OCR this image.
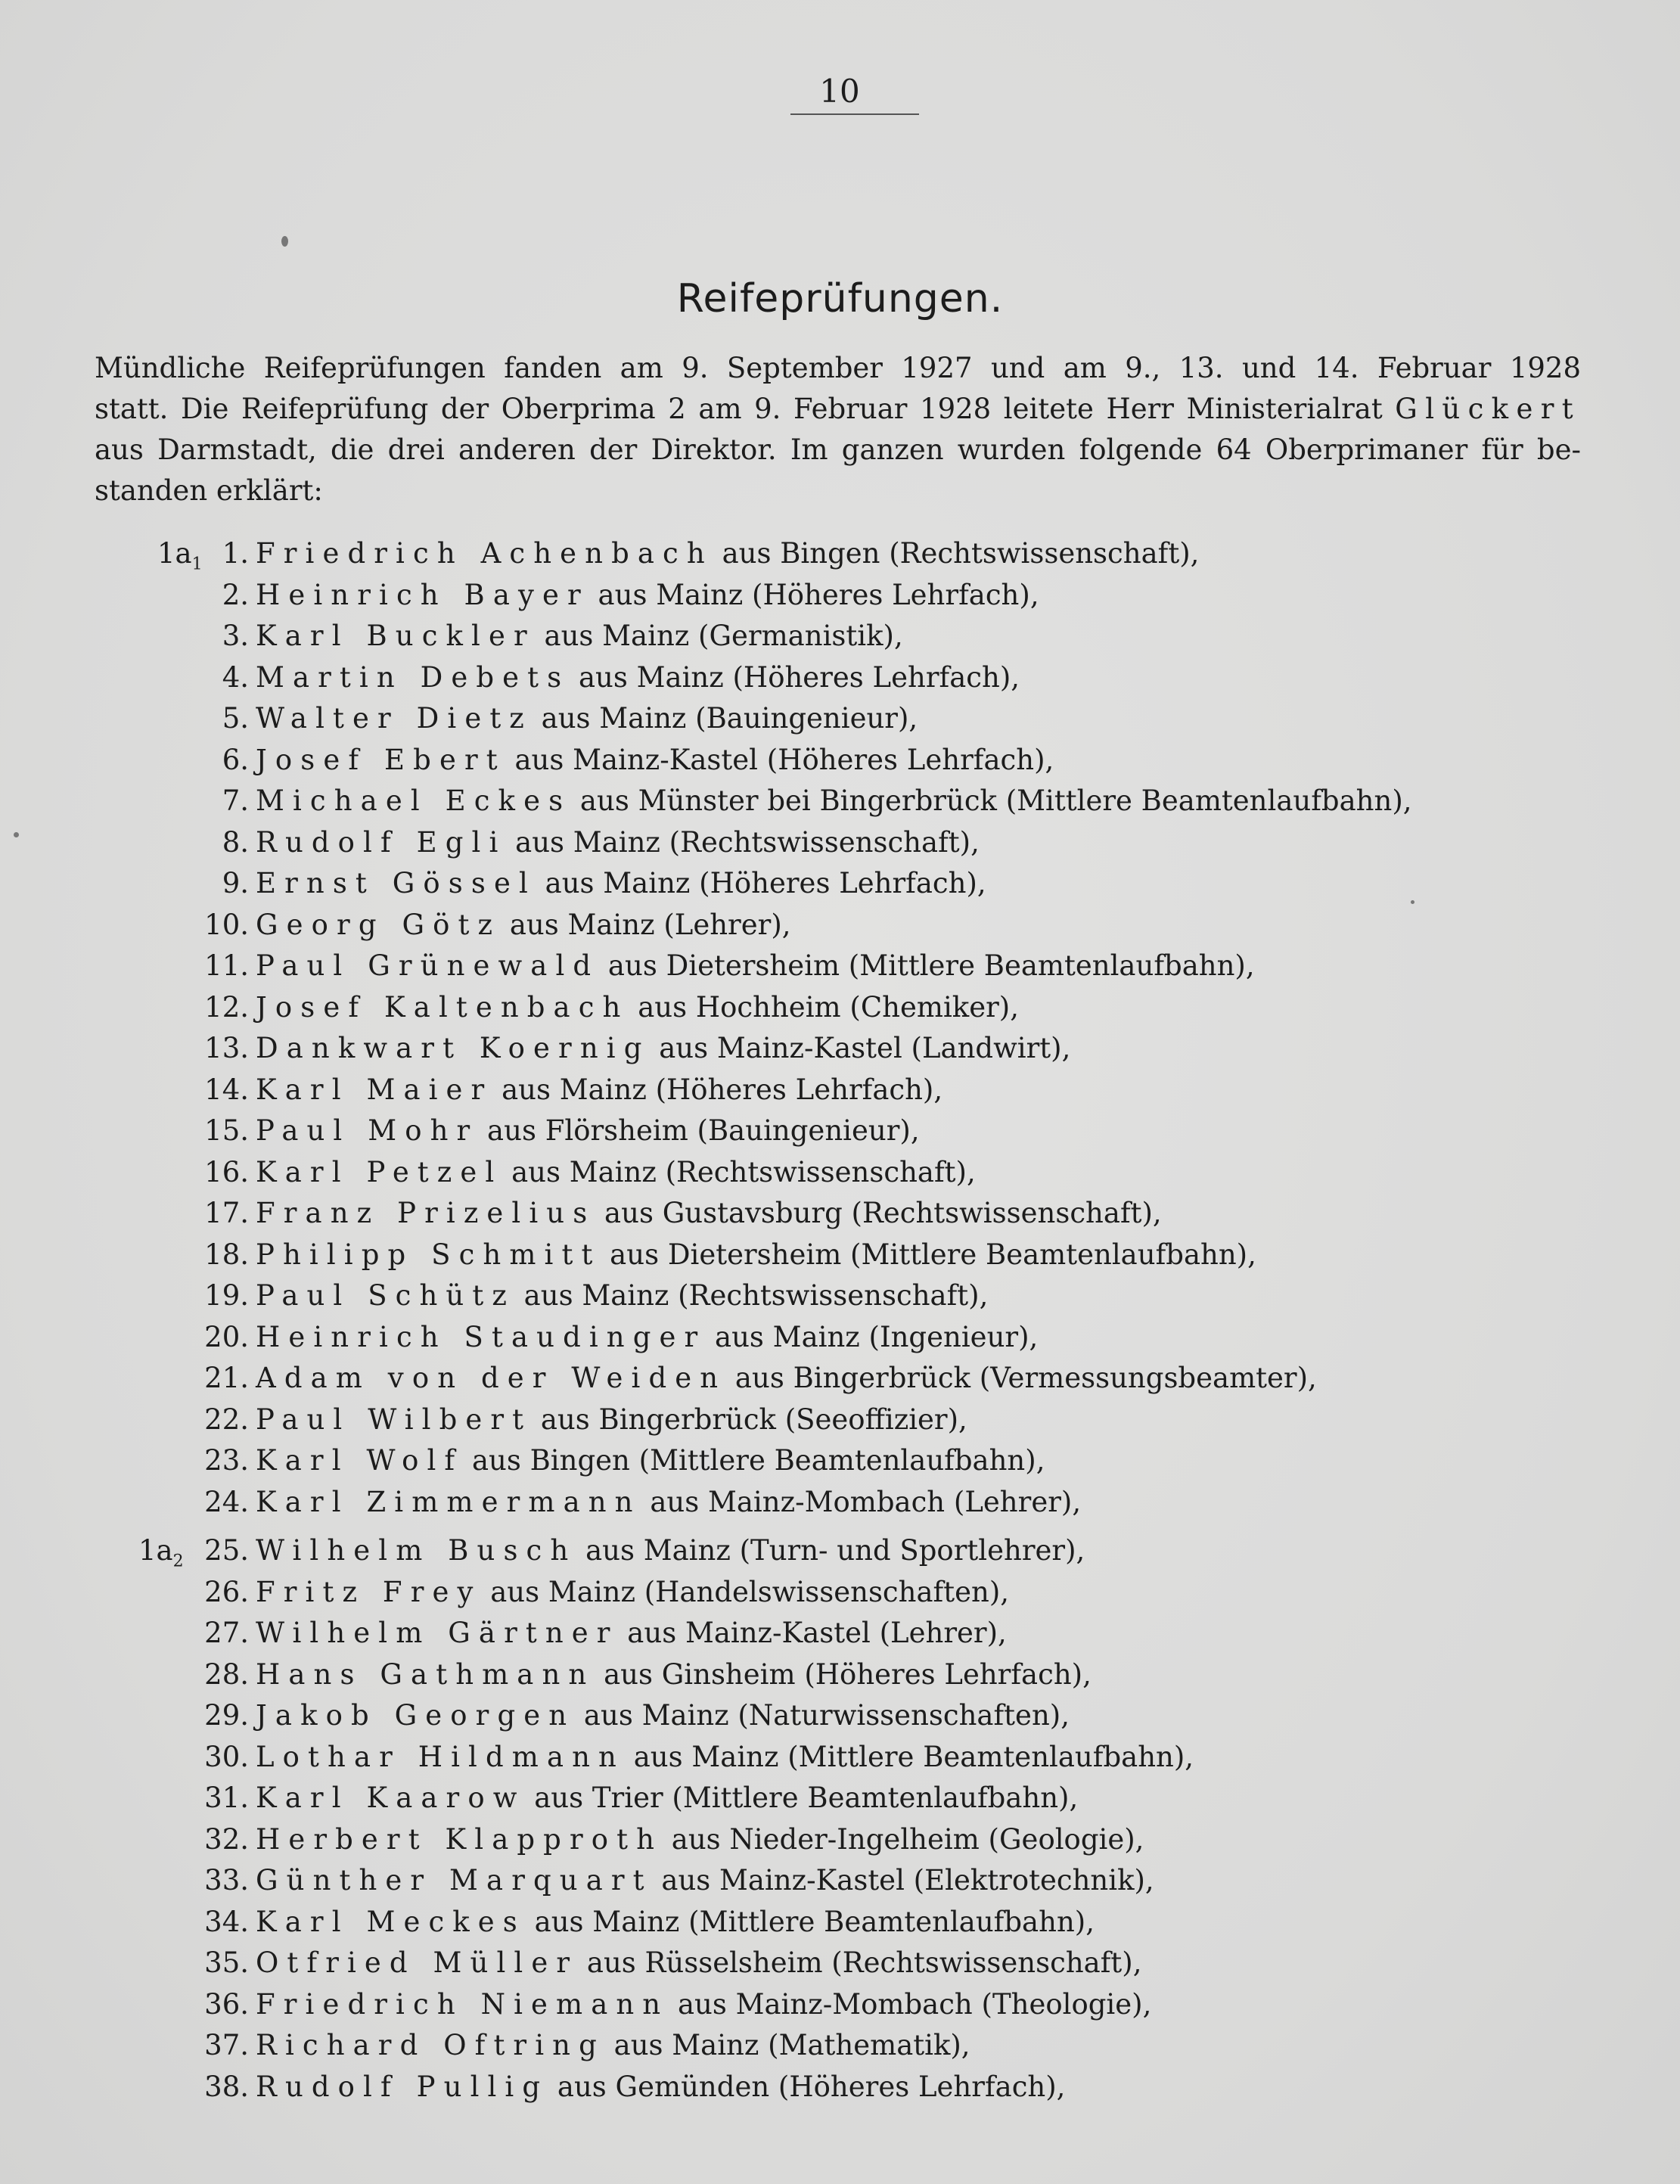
10
Reifeprüfungen.
Mündliche Reifeprüfungen fanden am 9. September 1927 und am 9., 13. und 14. Februar 1928
statt. Die Reifeprüfung der Oberprima 2 am 9. Februar 1928 leitete Herr Ministerialrat Glückert
aus Darmstadt, die drei anderen der Direktor. Im ganzen wurden folgende 64 Oberprimaner für be-
standen erklärt:
$1a_1$ 1. Friedrich Achenbach aus Bingen (Rechtswissenschaft),
2. Heinrich Bayer aus Mainz (Höheres Lehrfach),
3. Karl Buckler aus Mainz (Germanistik),
4. Martin Debets aus Mainz (Höheres Lehrfach),
5. Walter Dietz aus Mainz (Bauingenieur),
6. Josef Ebert aus Mainz-Kastel (Höheres Lehrfach),
7. Michael Eckes aus Münster bei Bingerbrück (Mittlere Beamtenlaufbahn),
8. Rudolf Egli aus Mainz (Rechtswissenschaft),
9. Ernst Gössel aus Mainz (Höheres Lehrfach),
10. Georg Götz aus Mainz (Lehrer),
11. Paul Grünewald aus Dietersheim (Mittlere Beamtenlaufbahn),
12. Josef Kaltenbach aus Hochheim (Chemiker),
13. Dankwart Koernig aus Mainz-Kastel (Landwirt),
14. Karl Maier aus Mainz (Höheres Lehrfach),
15. Paul Mohr aus Flörsheim (Bauingenieur),
16. Karl Petzel aus Mainz (Rechtswissenschaft),
17. Franz Prizelius aus Gustavsburg (Rechtswissenschaft),
18. Philipp Schmitt aus Dietersheim (Mittlere Beamtenlaufbahn),
19. Paul Schütz aus Mainz (Rechtswissenschaft),
20. Heinrich Staudinger aus Mainz (Ingenieur),
21. Adam von der Weiden aus Bingerbrück (Vermessungsbeamter),
22. Paul Wilbert aus Bingerbrück (Seeoffizier),
23. Karl Wolf aus Bingen (Mittlere Beamtenlaufbahn),
24. Karl Zimmermann aus Mainz-Mombach (Lehrer),
$1a_2$ 25. Wilhelm Busch aus Mainz (Turn- und Sportlehrer),
26. Fritz Frey aus Mainz (Handelswissenschaften),
27. Wilhelm Gärtner aus Mainz-Kastel (Lehrer),
28. Hans Gathmann aus Ginsheim (Höheres Lehrfach),
29. Jakob Georgen aus Mainz (Naturwissenschaften),
30. Lothar Hildmann aus Mainz (Mittlere Beamtenlaufbahn),
31. Karl Kaarow aus Trier (Mittlere Beamtenlaufbahn),
32. Herbert Klapproth aus Nieder-Ingelheim (Geologie),
33. Günther Marquart aus Mainz-Kastel (Elektrotechnik),
34. Karl Meckes aus Mainz (Mittlere Beamtenlaufbahn),
35. Otfried Müller aus Rüsselsheim (Rechtswissenschaft),
36. Friedrich Niemann aus Mainz-Mombach (Theologie),
37. Richard Oftring aus Mainz (Mathematik),
38. Rudolf Pullig aus Gemünden (Höheres Lehrfach),
